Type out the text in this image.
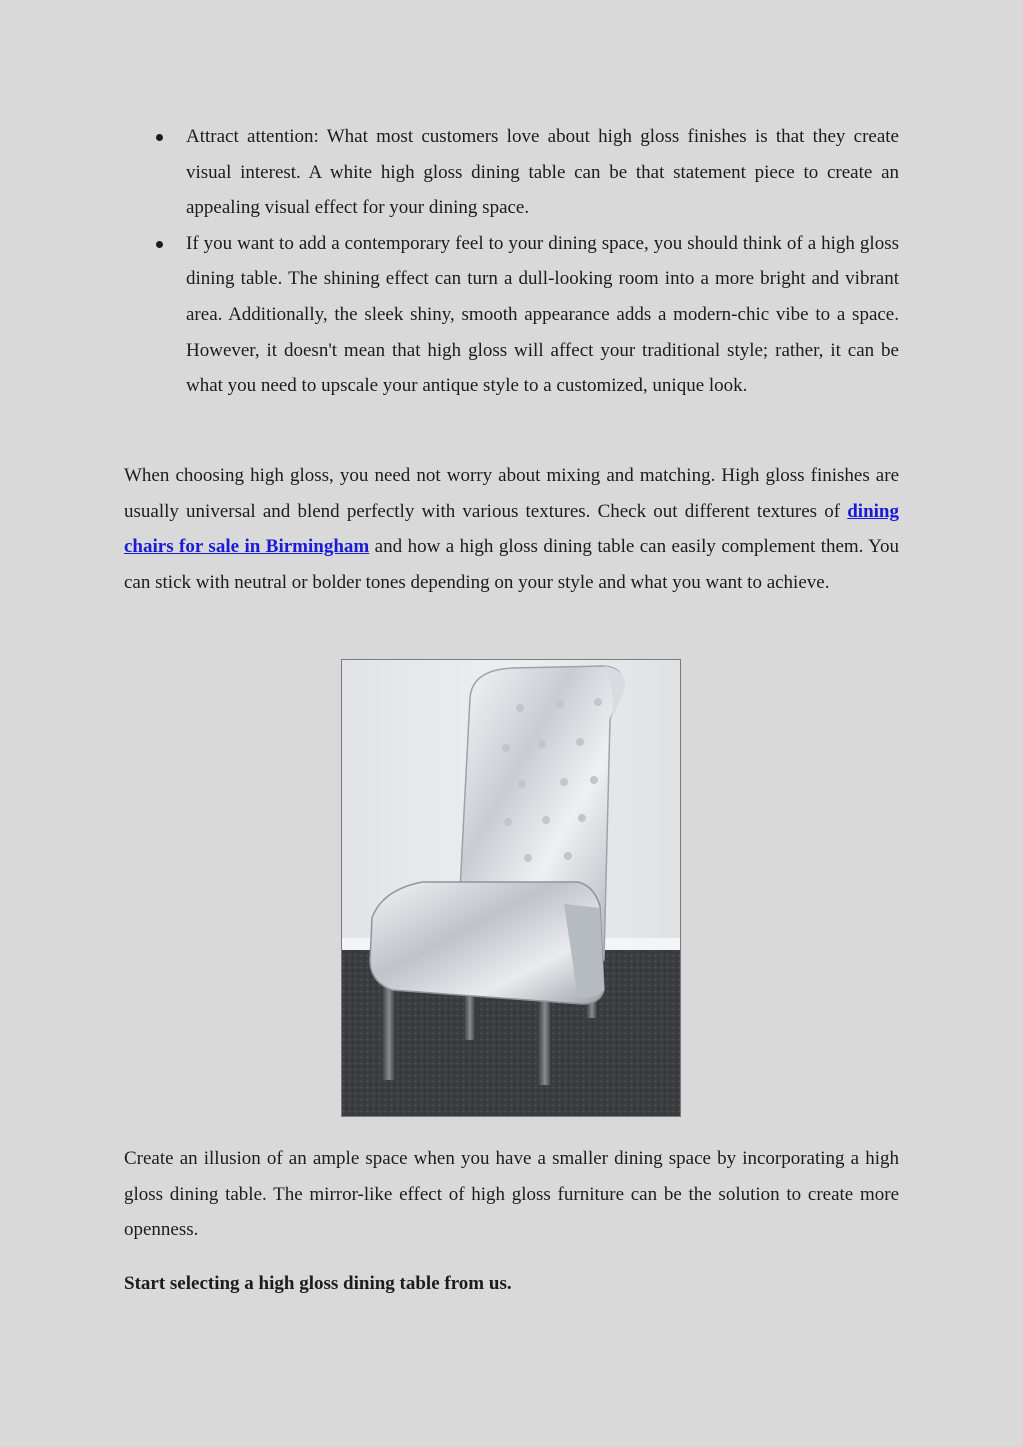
Attract attention: What most customers love about high gloss finishes is that they create visual interest. A white high gloss dining table can be that statement piece to create an appealing visual effect for your dining space.
If you want to add a contemporary feel to your dining space, you should think of a high gloss dining table. The shining effect can turn a dull-looking room into a more bright and vibrant area. Additionally, the sleek shiny, smooth appearance adds a modern-chic vibe to a space. However, it doesn't mean that high gloss will affect your traditional style; rather, it can be what you need to upscale your antique style to a customized, unique look.

When choosing high gloss, you need not worry about mixing and matching. High gloss finishes are usually universal and blend perfectly with various textures. Check out different textures of dining chairs for sale in Birmingham and how a high gloss dining table can easily complement them. You can stick with neutral or bolder tones depending on your style and what you want to achieve.

Create an illusion of an ample space when you have a smaller dining space by incorporating a high gloss dining table. The mirror-like effect of high gloss furniture can be the solution to create more openness.

Start selecting a high gloss dining table from us.
